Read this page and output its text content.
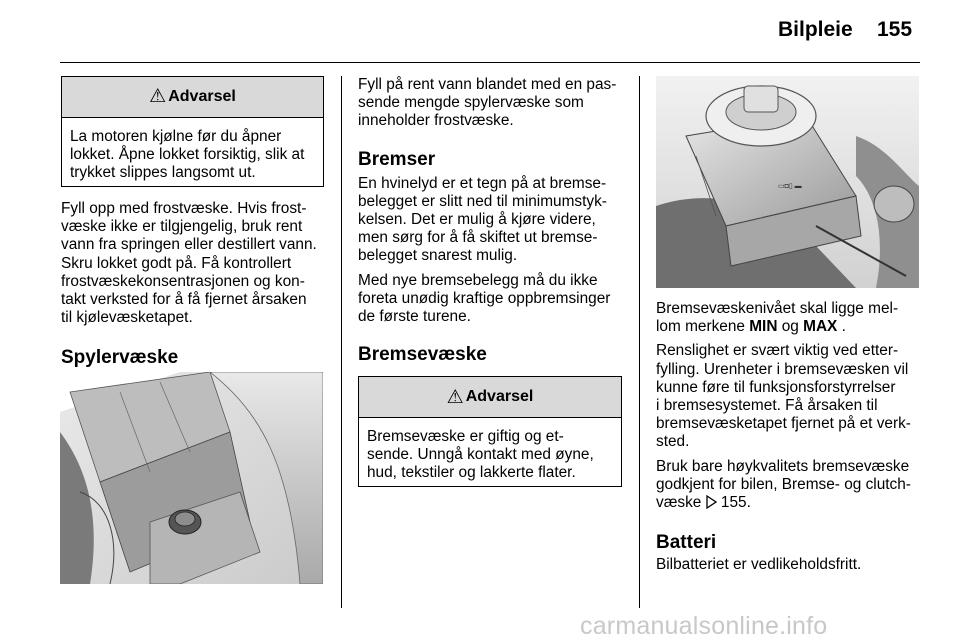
Bilpleie 155
⚠ Advarsel
La motoren kjølne før du åpner
lokket. Åpne lokket forsiktig, slik at
trykket slippes langsomt ut.

Fyll opp med frostvæske. Hvis frost-
væske ikke er tilgjengelig, bruk rent
vann fra springen eller destillert vann.
Skru lokket godt på. Få kontrollert
frostvæskekonsentrasjonen og kon-
takt verksted for å få fjernet årsaken
til kjølevæsketapet.

Spylervæske

Fyll på rent vann blandet med en pas-
sende mengde spylervæske som
inneholder frostvæske.

Bremser

En hvinelyd er et tegn på at bremse-
belegget er slitt ned til minimumstyk-
kelsen. Det er mulig å kjøre videre,
men sørg for å få skiftet ut bremse-
belegget snarest mulig.

Med nye bremsebelegg må du ikke
foreta unødig kraftige oppbremsinger
de første turene.

Bremsevæske
⚠ Advarsel
Bremsevæske er giftig og et-
sende. Unngå kontakt med øyne,
hud, tekstiler og lakkerte flater.
▭◘▯ ▬

Bremsevæskenivået skal ligge mel-
lom merkene MIN og MAX .

Renslighet er svært viktig ved etter-
fylling. Urenheter i bremsevæsken vil
kunne føre til funksjonsforstyrrelser
i bremsesystemet. Få årsaken til
bremsevæsketapet fjernet på et verk-
sted.

Bruk bare høykvalitets bremsevæske
godkjent for bilen, Bremse- og clutch-
væske  155.

Batteri

Bilbatteriet er vedlikeholdsfritt.

carmanualsonline.info
